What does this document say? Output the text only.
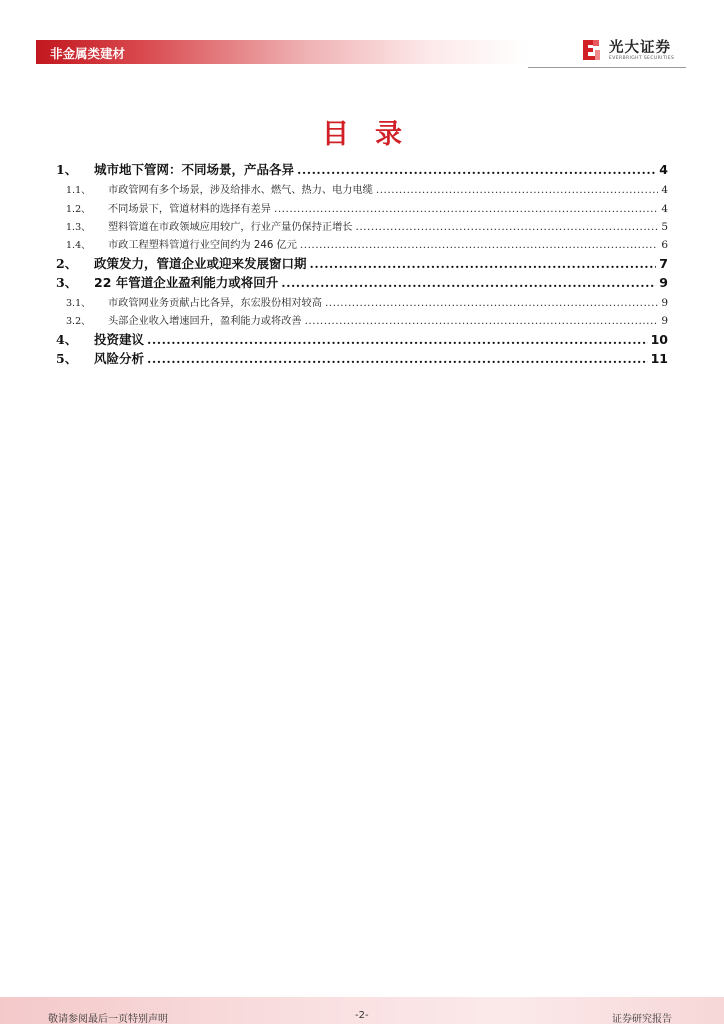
非金属类建材	光大证券
EVERBRIGHT SECURITIES
目录
1、	城市地下管网：不同场景，产品各异 .....	4
1.1、	市政管网有多个场景，涉及给排水、燃气、热力、电力电缆 .....	4
1.2、	不同场景下，管道材料的选择有差异 .....	4
1.3、	塑料管道在市政领域应用较广，行业产量仍保持正增长 .....	5
1.4、	市政工程塑料管道行业空间约为 246 亿元 .....	6
2、	政策发力，管道企业或迎来发展窗口期 .....	7
3、	22 年管道企业盈利能力或将回升 .....	9
3.1、	市政管网业务贡献占比各异，东宏股份相对较高 .....	9
3.2、	头部企业收入增速回升，盈利能力或将改善 .....	9
4、	投资建议 .....	10
5、	风险分析 .....	11
敬请参阅最后一页特别声明	-2-	证券研究报告
